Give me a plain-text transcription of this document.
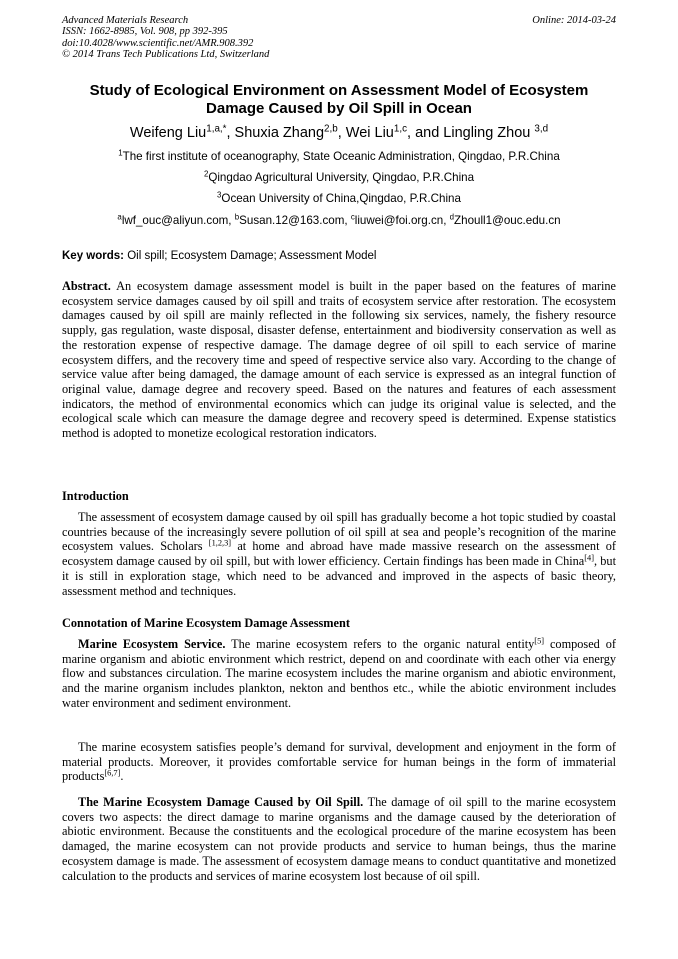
Advanced Materials Research
ISSN: 1662-8985, Vol. 908, pp 392-395
doi:10.4028/www.scientific.net/AMR.908.392
© 2014 Trans Tech Publications Ltd, Switzerland
Online: 2014-03-24
Study of Ecological Environment on Assessment Model of Ecosystem
Damage Caused by Oil Spill in Ocean
Weifeng Liu$^{1,a,*}$, Shuxia Zhang$^{2,b}$, Wei Liu$^{1,c}$, and Lingling Zhou $^{3,d}$
$^1$The first institute of oceanography, State Oceanic Administration, Qingdao, P.R.China
$^2$Qingdao Agricultural University, Qingdao, P.R.China
$^3$Ocean University of China,Qingdao, P.R.China
$^a$lwf_ouc@aliyun.com, $^b$Susan.12@163.com, $^c$liuwei@foi.org.cn, $^d$Zhoull1@ouc.edu.cn
Key words: Oil spill; Ecosystem Damage; Assessment Model
Abstract. An ecosystem damage assessment model is built in the paper based on the features of marine ecosystem service damages caused by oil spill and traits of ecosystem service after restoration. The ecosystem damages caused by oil spill are mainly reflected in the following six services, namely, the fishery resource supply, gas regulation, waste disposal, disaster defense, entertainment and biodiversity conservation as well as the restoration expense of respective damage. The damage degree of oil spill to each service of marine ecosystem differs, and the recovery time and speed of respective service also vary. According to the change of service value after being damaged, the damage amount of each service is expressed as an integral function of original value, damage degree and recovery speed. Based on the natures and features of each assessment indicators, the method of environmental economics which can judge its original value is selected, and the ecological scale which can measure the damage degree and recovery speed is determined. Expense statistics method is adopted to monetize ecological restoration indicators.
Introduction
The assessment of ecosystem damage caused by oil spill has gradually become a hot topic studied by coastal countries because of the increasingly severe pollution of oil spill at sea and people’s recognition of the marine ecosystem values. Scholars [1,2,3] at home and abroad have made massive research on the assessment of ecosystem damage caused by oil spill, but with lower efficiency. Certain findings has been made in China[4], but it is still in exploration stage, which need to be advanced and improved in the aspects of basic theory, assessment method and techniques.
Connotation of Marine Ecosystem Damage Assessment
Marine Ecosystem Service. The marine ecosystem refers to the organic natural entity[5] composed of marine organism and abiotic environment which restrict, depend on and coordinate with each other via energy flow and substances circulation. The marine ecosystem includes the marine organism and abiotic environment, and the marine organism includes plankton, nekton and benthos etc., while the abiotic environment includes water environment and sediment environment.
The marine ecosystem satisfies people’s demand for survival, development and enjoyment in the form of material products. Moreover, it provides comfortable service for human beings in the form of immaterial products[6,7].
The Marine Ecosystem Damage Caused by Oil Spill. The damage of oil spill to the marine ecosystem covers two aspects: the direct damage to marine organisms and the damage caused by the deterioration of abiotic environment. Because the constituents and the ecological procedure of the marine ecosystem has been damaged, the marine ecosystem can not provide products and service to human beings, thus the marine ecosystem damage is made. The assessment of ecosystem damage means to conduct quantitative and monetized calculation to the products and services of marine ecosystem lost because of oil spill.
